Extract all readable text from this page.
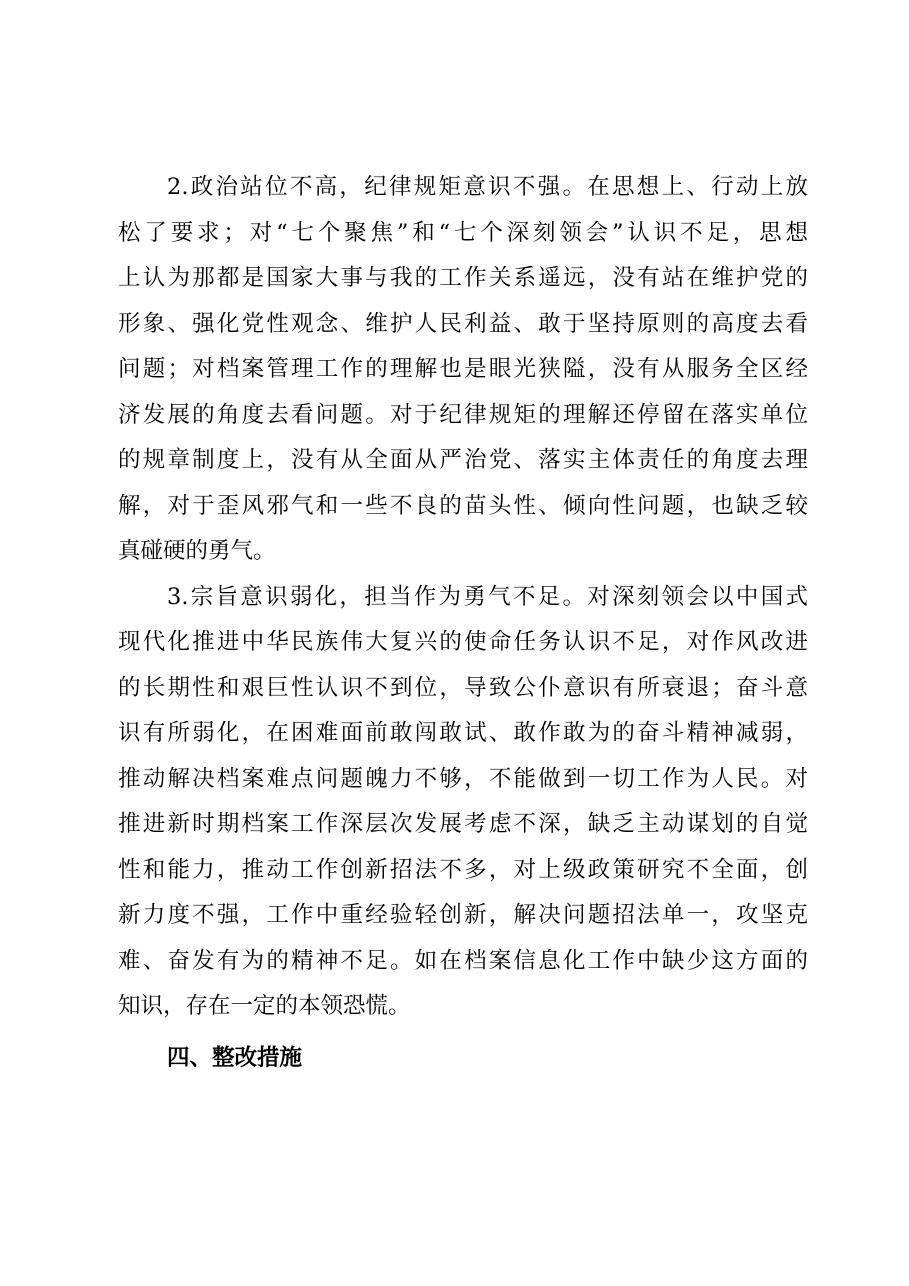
2.政治站位不高，纪律规矩意识不强。在思想上、行动上放
松了要求；对“七个聚焦”和“七个深刻领会”认识不足，思想
上认为那都是国家大事与我的工作关系遥远，没有站在维护党的
形象、强化党性观念、维护人民利益、敢于坚持原则的高度去看
问题；对档案管理工作的理解也是眼光狭隘，没有从服务全区经
济发展的角度去看问题。对于纪律规矩的理解还停留在落实单位
的规章制度上，没有从全面从严治党、落实主体责任的角度去理
解，对于歪风邪气和一些不良的苗头性、倾向性问题，也缺乏较
真碰硬的勇气。
3.宗旨意识弱化，担当作为勇气不足。对深刻领会以中国式
现代化推进中华民族伟大复兴的使命任务认识不足，对作风改进
的长期性和艰巨性认识不到位，导致公仆意识有所衰退；奋斗意
识有所弱化，在困难面前敢闯敢试、敢作敢为的奋斗精神减弱，
推动解决档案难点问题魄力不够，不能做到一切工作为人民。对
推进新时期档案工作深层次发展考虑不深，缺乏主动谋划的自觉
性和能力，推动工作创新招法不多，对上级政策研究不全面，创
新力度不强，工作中重经验轻创新，解决问题招法单一，攻坚克
难、奋发有为的精神不足。如在档案信息化工作中缺少这方面的
知识，存在一定的本领恐慌。
四、整改措施
